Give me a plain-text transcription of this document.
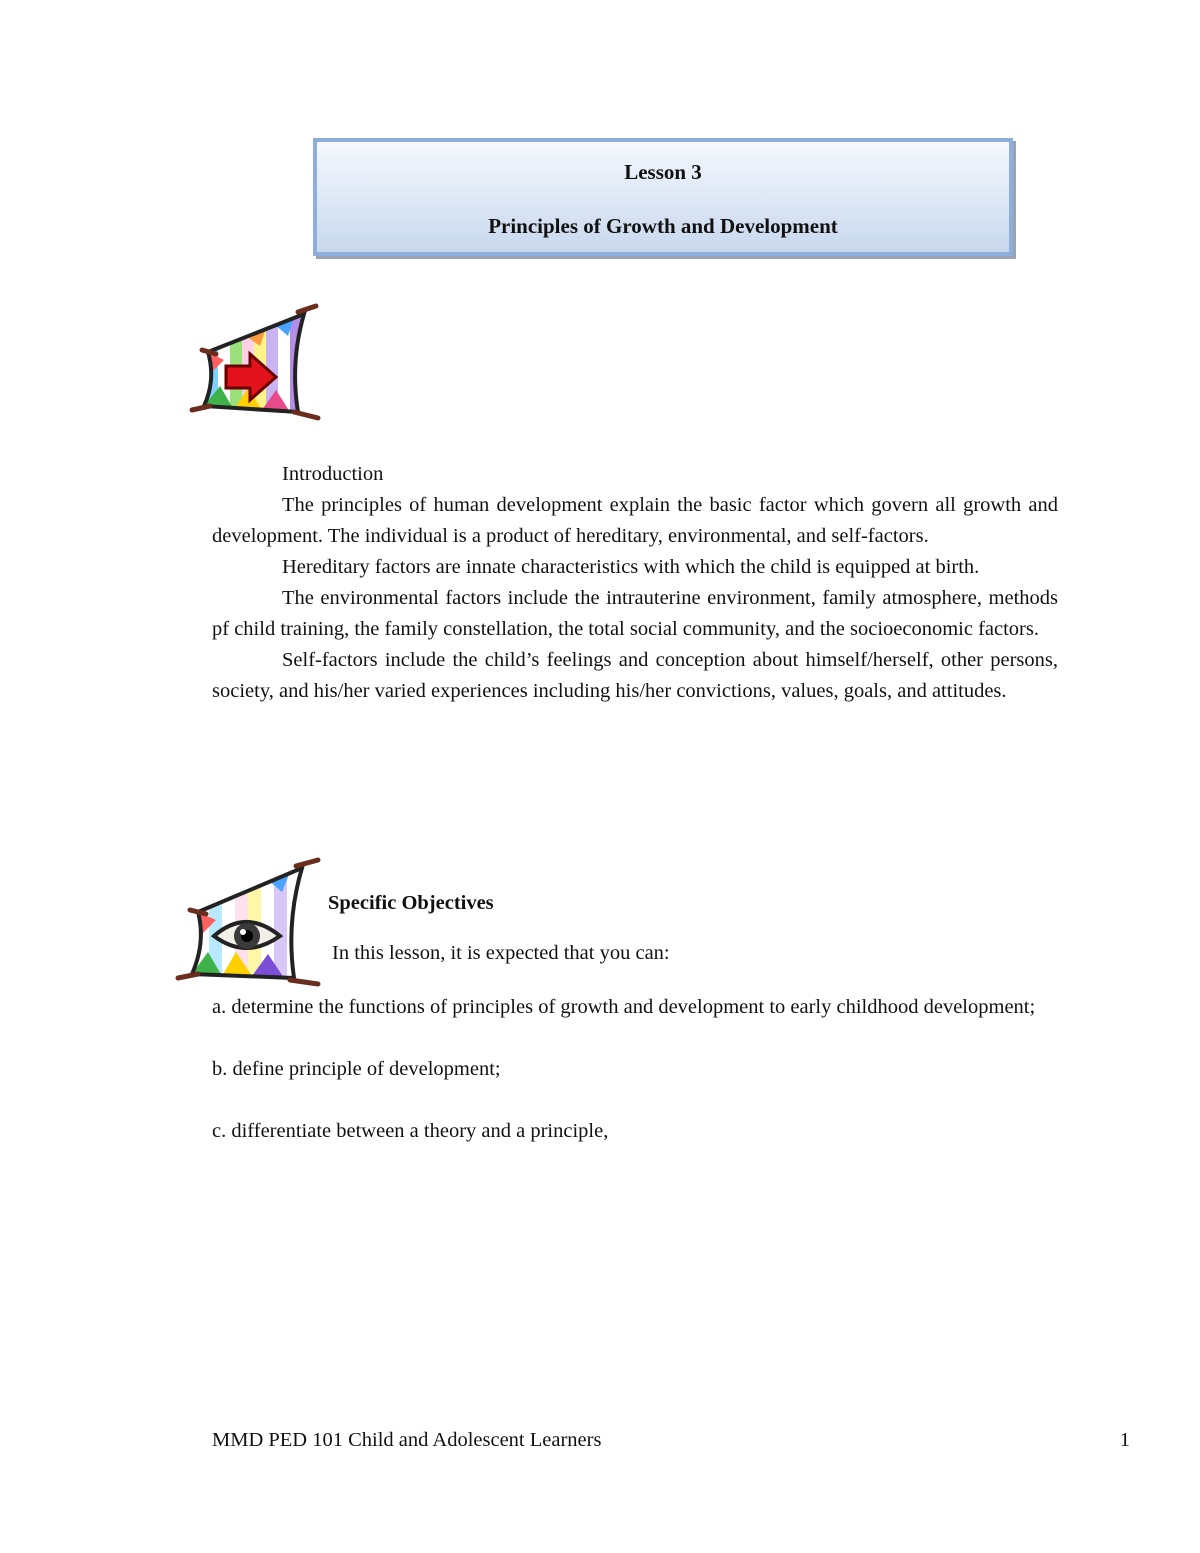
Lesson 3
Principles of Growth and Development

Introduction

The principles of human development explain the basic factor which govern all growth and development. The individual is a product of hereditary, environmental, and self-factors.

Hereditary factors are innate characteristics with which the child is equipped at birth.

The environmental factors include the intrauterine environment, family atmosphere, methods pf child training, the family constellation, the total social community, and the socioeconomic factors.

Self-factors include the child’s feelings and conception about himself/herself, other persons, society, and his/her varied experiences including his/her convictions, values, goals, and attitudes.

Specific Objectives
In this lesson, it is expected that you can:

a. determine the functions of principles of growth and development to early childhood development;

b. define principle of development;

c. differentiate between a theory and a principle,

MMD PED 101 Child and Adolescent Learners	1
